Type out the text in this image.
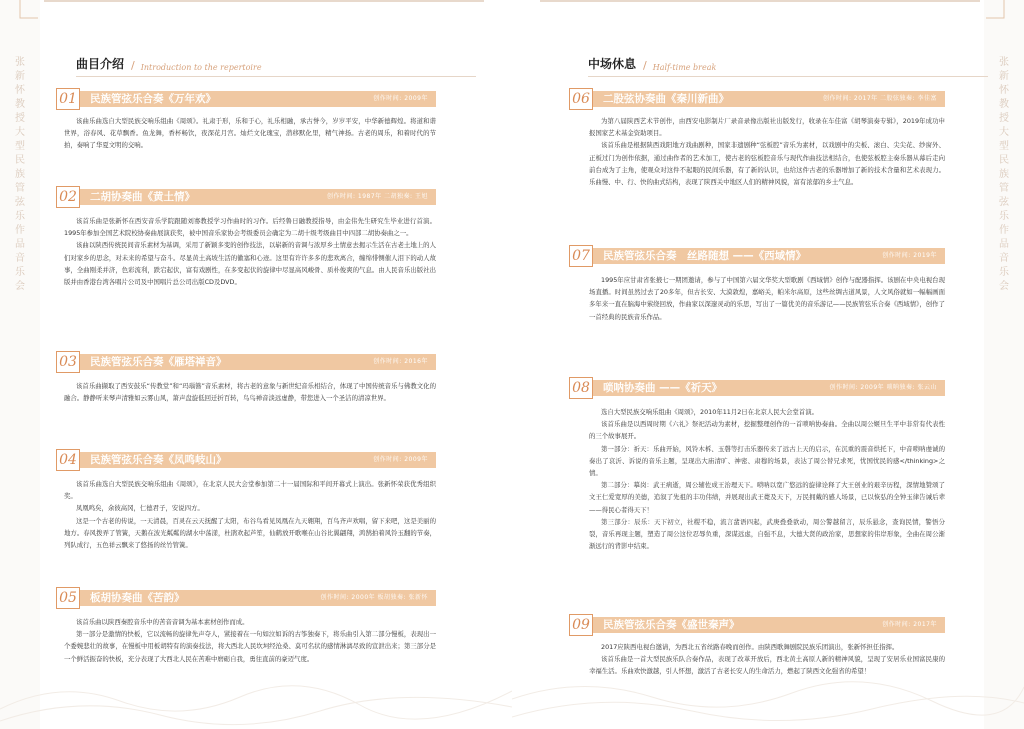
张新怀教授大型民族管弦乐作品音乐会
曲目介绍 / Introduction to the repertoire
01 民族管弦乐合奏《万年欢》	创作时间: 2009年

该曲乐曲选自大型民族交响乐组曲《周颂》。礼肃于形，乐和于心，礼乐相融，承古誉今，岁岁平安，中华新德辉煌。将道和谐世界，浴春风、花草飘香。鱼龙舞，香杯畅饮，夜深花月宫。灿烂文化瑰宝，潜移默化里，精气神扬。古老的周乐，和着时代的节拍，奏响了华夏文明的交响。

02 二胡协奏曲《黄土情》	创作时间: 1987年 二胡独奏: 王旭

该首乐曲是张新怀在西安音乐学院跟随刘骞教授学习作曲时的习作。后经鲁日融教授指导，由金伟先生研究生毕业进行首演。1995年参加全国艺术院校协奏曲展演获奖，被中国音乐家协会考级委员会确定为二胡十级考级曲目中四部二胡协奏曲之一。

该曲以陕西传统民间音乐素材为基调，采用了新颖多变的创作技法，以崭新的音调与浓厚乡土情意去揭示生活在古老土地上的人们对家乡的思念，对未来的希望与奋斗。尽显黄土高坡生活的徽塞和心迹。这里有许许多多的悲欢离合，缠绵悱恻催人泪下的动人故事，全曲刚柔并济，色彩流利，跌宕起伏，富有戏剧性，在多变起伏的旋律中尽显高风峻骨、质朴俊爽的气息。由人民音乐出版社出版并由香港台湾各唱片公司及中国唱片总公司出版CD及DVD。

03 民族管弦乐合奏《雁塔禅音》	创作时间: 2016年

该首乐曲撷取了西安鼓乐“传教堂”和“玛瑙簪”音乐素材，将古老的意象与新世纪音乐相结合，体现了中国传统音乐与佛教文化的融合。静静听来琴声清雅如云雾山风，箫声盘旋低回迁折百转，鸟鸟禅音淡远虚静，带您进入一个圣洁的清凉世界。

04 民族管弦乐合奏《凤鸣岐山》	创作时间: 2009年

该首乐曲选自大型民族交响乐组曲《周颂》，在北京人民大会堂参加第二十一届国际和平间开幕式上演出。张新怀荣获优秀组织奖。

凤凰鸣矣，余彼高冈，仁德君子，安说四方。

这是一个古老的传说，一天清晨，百灵在云天抚醒了太阳，布谷鸟看见凤凰在九天翱翔，百鸟齐声欢唱，留下来吧，这是美丽的地方。春风拨弄了管簧，天鹅在波光粼粼的湖水中荡漾，杜鹃欢起芦笙，仙鹤放开歌喉在山谷比翼翩翔，鸿鹄拍着风铃玉翻的节奏，列队成行，五色祥云飘来了悠扬的丝竹管簧。

05 板胡协奏曲《苦韵》	创作时间: 2000年 板胡独奏: 张新怀

该首乐曲以陕西秦腔音乐中的苦音音调为基本素材创作而成。

第一部分是激情的快板，它以流畅的旋律先声夺人，紧接着在一句如泣如诉的古筝独奏下，将乐曲引入第二部分慢板，表现出一个委婉悲壮的故事，在慢板中用板胡特有的演奏技法，将大西北人民坎坷经沧桑、莫可名状的感情淋漓尽致的宣泄出来；第三部分是一个鲜活振奋的快板，充分表现了大西北人民在苦难中磨砺自我，勇往直前的豪迈气度。

张新怀教授大型民族管弦乐作品音乐会
中场休息 / Half-time break
06 二股弦协奏曲《秦川新曲》	创作时间: 2017年 二股弦独奏: 李佳富

为第八届陕西艺术节创作，由西安电影制片厂录音录像出版社出版发行，收录在车佳富《胡琴演奏专辑》，2019年成功申报国家艺术基金资助项目。

该首乐曲是根据陕西戏阳地方戏曲剧种，国家非遗剧种“弦板腔”音乐为素材，以戏剧中的尖板、滚白、尖尖花、纱窗外、正板过门为创作依据，通过曲作者的艺术加工，使古老的弦板腔音乐与现代作曲技法相结合，也使弦板腔主奏乐器从幕后走向前台成为了主角，使观众对这件不起眼的民间乐器，有了新的认识，也给这件古老的乐器增加了新的技术含量和艺术表现力。乐曲慢、中、行、快的曲式结构，表现了陕西关中地区人们的精神风貌，富有浓郁的乡土气息。

07 民族管弦乐合奏　丝路随想 ——《西域情》	创作时间: 2019年

1995年应甘肃省张掖七一期团邀请，参与了中国第六届文华奖大型歌剧《西域情》创作与配器指挥。该剧在中央电视台现场直播。时间虽然过去了20多年，但古长安、大漠敦煌，嘉峪关，帕米尔高原，这些丝绸古道风景，人文风俗就如一幅幅画面多年来一直在脑海中萦绕回放，作曲家以深邃灵动的乐思，写出了一篇优美的音乐游记——民族管弦乐合奏《西域情》，创作了一首经典的民族音乐作品。

08 唢呐协奏曲 ——《祈天》	创作时间: 2009年 唢呐独奏: 张云山

选自大型民族交响乐组曲《周颂》，2010年11月2日在北京人民大会堂首演。

该首乐曲是以西周时期《六礼》祭祀活动为素材，挖掘整理创作的一首唢呐协奏曲。全曲以周公姬旦生平中非常有代表性的三个故事展开。

第一部分：祈天：乐曲开始，风铃木柝、玉磬等打击乐器传来了远古上天的启示，在沉重的震音烘托下，中音唢呐虔诚的奏出了哀沂、诉说的音乐主题，呈现出大庙清旷、神密、肃穆的场景，表达了周公替兄求死，忧国忧民的感</thinking>之情。

第二部分：摹岗：武王病逝，周公辅佐成王治理天下。唢呐以宽广悠远的旋律诠释了大王创业的艰辛历程，深情地赞颂了文王仁爱宽厚的美德，追叙了先祖的丰功伟绩，并展现出武王薨及天下，万民拥戴的感人场景，已以恢弘的全钟玉律告诫后辈——得民心者得天下！

第三部分：辰乐：天下初立，社稷不稳，流言蜚语四起，武庚叠叠欲动，周公警越留言，辰乐悬念，查询民情，警悟分裂，音乐再现主题，塑造了周公这位忍辱负重，深谋远虑，自强不息，大德大贤的政治家，思想家的伟岸形象，全曲在周公渐渐远行的背影中结束。

09 民族管弦乐合奏《盛世秦声》	创作时间: 2017年

2017应陕西电视台邀请，为西北五省丝路春晚而创作。由陕西歌舞剧院民族乐团演出，张新怀担任指挥。

该首乐曲是一首大型民族乐队合奏作品，表现了改革开放后，西北黄土高原人新的精神风貌，呈现了安居乐业国富民康的幸福生活。乐曲欢快激越，引人怀想，激活了古老长安人的生命活力，燃起了陕西文化强省的希望！
